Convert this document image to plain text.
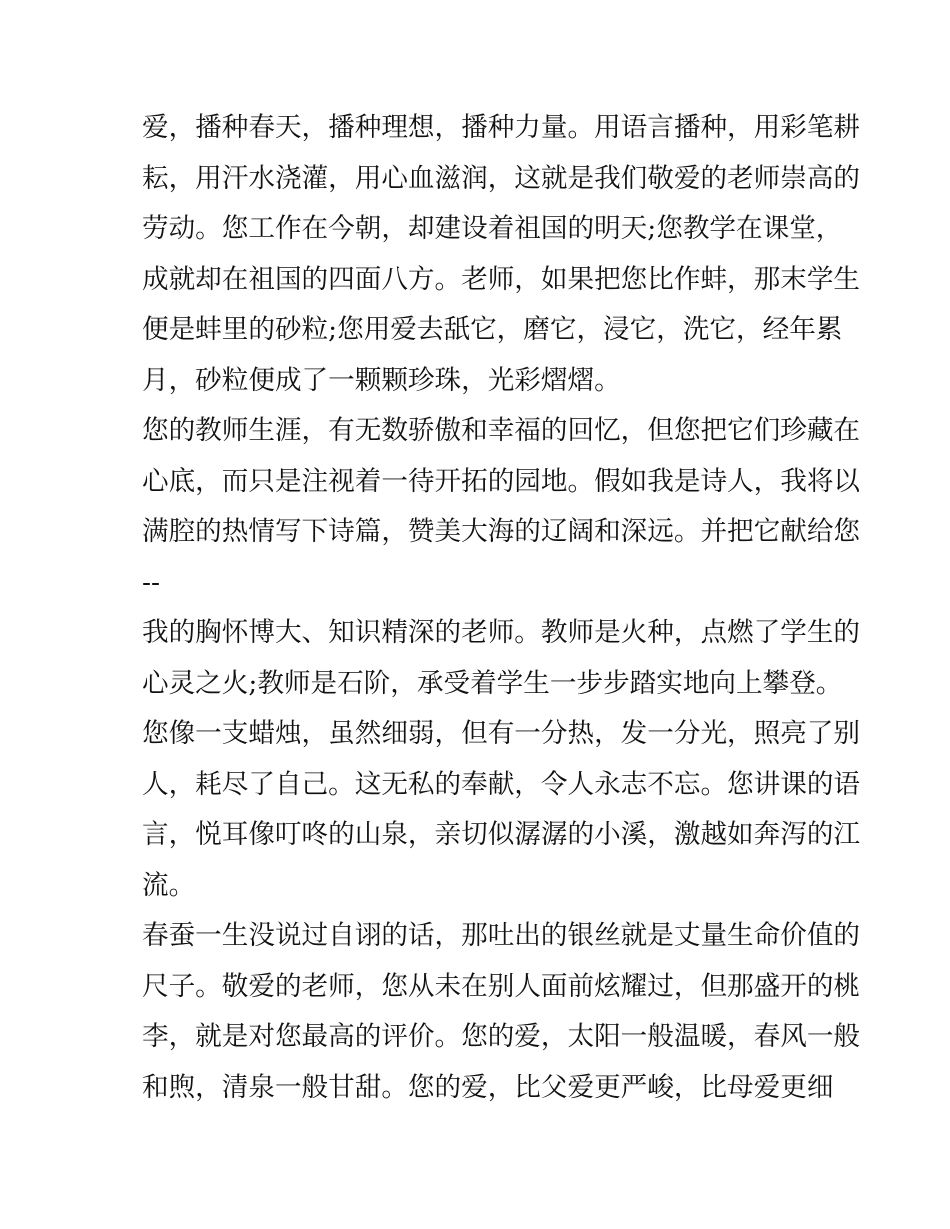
爱，播种春天，播种理想，播种力量。用语言播种，用彩笔耕
耘，用汗水浇灌，用心血滋润，这就是我们敬爱的老师崇高的
劳动。您工作在今朝，却建设着祖国的明天;您教学在课堂，
成就却在祖国的四面八方。老师，如果把您比作蚌，那末学生
便是蚌里的砂粒;您用爱去舐它，磨它，浸它，洗它，经年累
月，砂粒便成了一颗颗珍珠，光彩熠熠。
您的教师生涯，有无数骄傲和幸福的回忆，但您把它们珍藏在
心底，而只是注视着一待开拓的园地。假如我是诗人，我将以
满腔的热情写下诗篇，赞美大海的辽阔和深远。并把它献给您
--
我的胸怀博大、知识精深的老师。教师是火种，点燃了学生的
心灵之火;教师是石阶，承受着学生一步步踏实地向上攀登。
您像一支蜡烛，虽然细弱，但有一分热，发一分光，照亮了别
人，耗尽了自己。这无私的奉献，令人永志不忘。您讲课的语
言，悦耳像叮咚的山泉，亲切似潺潺的小溪，激越如奔泻的江
流。
春蚕一生没说过自诩的话，那吐出的银丝就是丈量生命价值的
尺子。敬爱的老师，您从未在别人面前炫耀过，但那盛开的桃
李，就是对您最高的评价。您的爱，太阳一般温暖，春风一般
和煦，清泉一般甘甜。您的爱，比父爱更严峻，比母爱更细
